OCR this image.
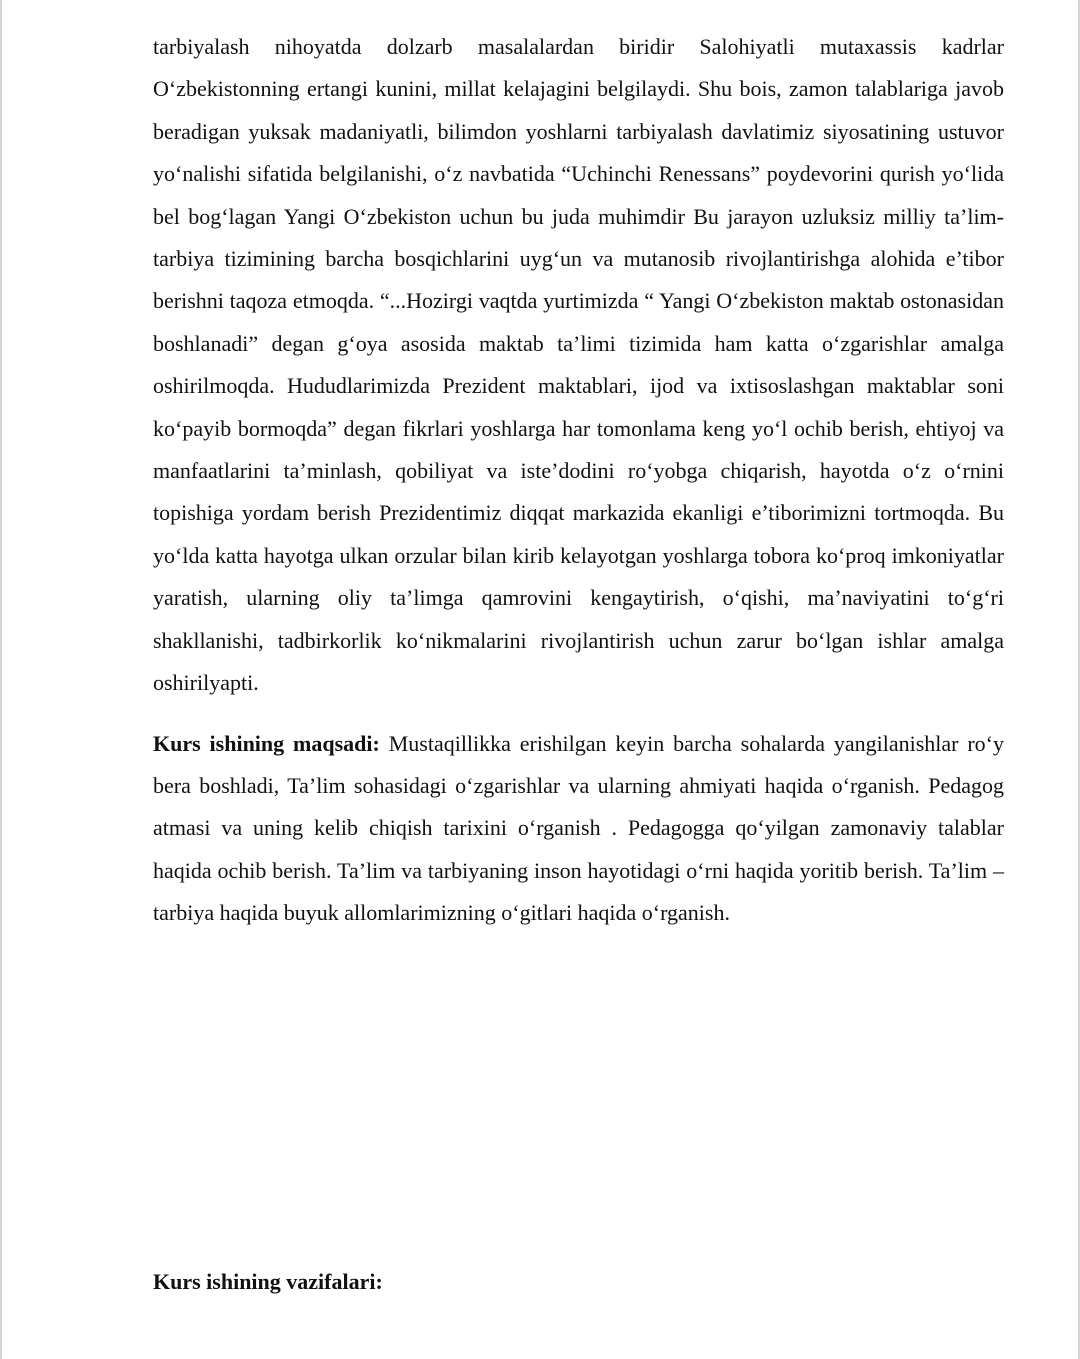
tarbiyalash nihoyatda dolzarb masalalardan biridir Salohiyatli mutaxassis kadrlar O‘zbekistonning ertangi kunini, millat kelajagini belgilaydi. Shu bois, zamon talablariga javob beradigan yuksak madaniyatli, bilimdon yoshlarni tarbiyalash davlatimiz siyosatining ustuvor yo‘nalishi sifatida belgilanishi, o‘z navbatida “Uchinchi Renessans” poydevorini qurish yo‘lida bel bog‘lagan Yangi O‘zbekiston uchun bu juda muhimdir Bu jarayon uzluksiz milliy ta’lim-tarbiya tizimining barcha bosqichlarini uyg‘un va mutanosib rivojlantirishga alohida e’tibor berishni taqoza etmoqda. “...Hozirgi vaqtda yurtimizda “ Yangi O‘zbekiston maktab ostonasidan boshlanadi” degan g‘oya asosida maktab ta’limi tizimida ham katta o‘zgarishlar amalga oshirilmoqda. Hududlarimizda Prezident maktablari, ijod va ixtisoslashgan maktablar soni ko‘payib bormoqda” degan fikrlari yoshlarga har tomonlama keng yo‘l ochib berish, ehtiyoj va manfaatlarini ta’minlash, qobiliyat va iste’dodini ro‘yobga chiqarish, hayotda o‘z o‘rnini topishiga yordam berish Prezidentimiz diqqat markazida ekanligi e’tiborimizni tortmoqda. Bu yo‘lda katta hayotga ulkan orzular bilan kirib kelayotgan yoshlarga tobora ko‘proq imkoniyatlar yaratish, ularning oliy ta’limga qamrovini kengaytirish, o‘qishi, ma’naviyatini to‘g‘ri shakllanishi, tadbirkorlik ko‘nikmalarini rivojlantirish uchun zarur bo‘lgan ishlar amalga oshirilyapti.

Kurs ishining maqsadi: Mustaqillikka erishilgan keyin barcha sohalarda yangilanishlar ro‘y bera boshladi, Ta’lim sohasidagi o‘zgarishlar va ularning ahmiyati haqida o‘rganish. Pedagog atmasi va uning kelib chiqish tarixini o‘rganish . Pedagogga qo‘yilgan zamonaviy talablar haqida ochib berish. Ta’lim va tarbiyaning inson hayotidagi o‘rni haqida yoritib berish. Ta’lim –tarbiya haqida buyuk allomlarimizning o‘gitlari haqida o‘rganish.

Kurs ishining vazifalari:
